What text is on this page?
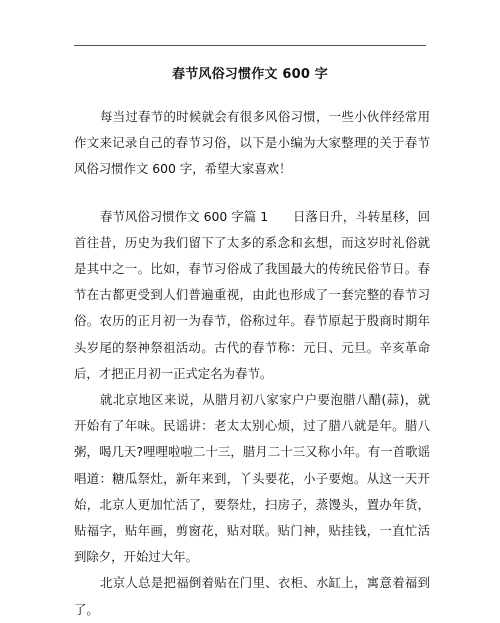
春节风俗习惯作文 600 字

每当过春节的时候就会有很多风俗习惯，一些小伙伴经常用作文来记录自己的春节习俗，以下是小编为大家整理的关于春节风俗习惯作文 600 字，希望大家喜欢！

春节风俗习惯作文 600 字篇 1　　日落日升，斗转星移，回首往昔，历史为我们留下了太多的系念和玄想，而这岁时礼俗就是其中之一。比如，春节习俗成了我国最大的传统民俗节日。春节在古都更受到人们普遍重视，由此也形成了一套完整的春节习俗。农历的正月初一为春节，俗称过年。春节原起于殷商时期年头岁尾的祭神祭祖活动。古代的春节称：元日、元旦。辛亥革命后，才把正月初一正式定名为春节。

就北京地区来说，从腊月初八家家户户要泡腊八醋(蒜)，就开始有了年味。民谣讲：老太太别心烦，过了腊八就是年。腊八粥，喝几天?哩哩啦啦二十三，腊月二十三又称小年。有一首歌谣唱道：糖瓜祭灶，新年来到，丫头要花，小子要炮。从这一天开始，北京人更加忙活了，要祭灶，扫房子，蒸馒头，置办年货，贴福字，贴年画，剪窗花，贴对联。贴门神，贴挂钱，一直忙活到除夕，开始过大年。

北京人总是把福倒着贴在门里、衣柜、水缸上，寓意着福到了。
